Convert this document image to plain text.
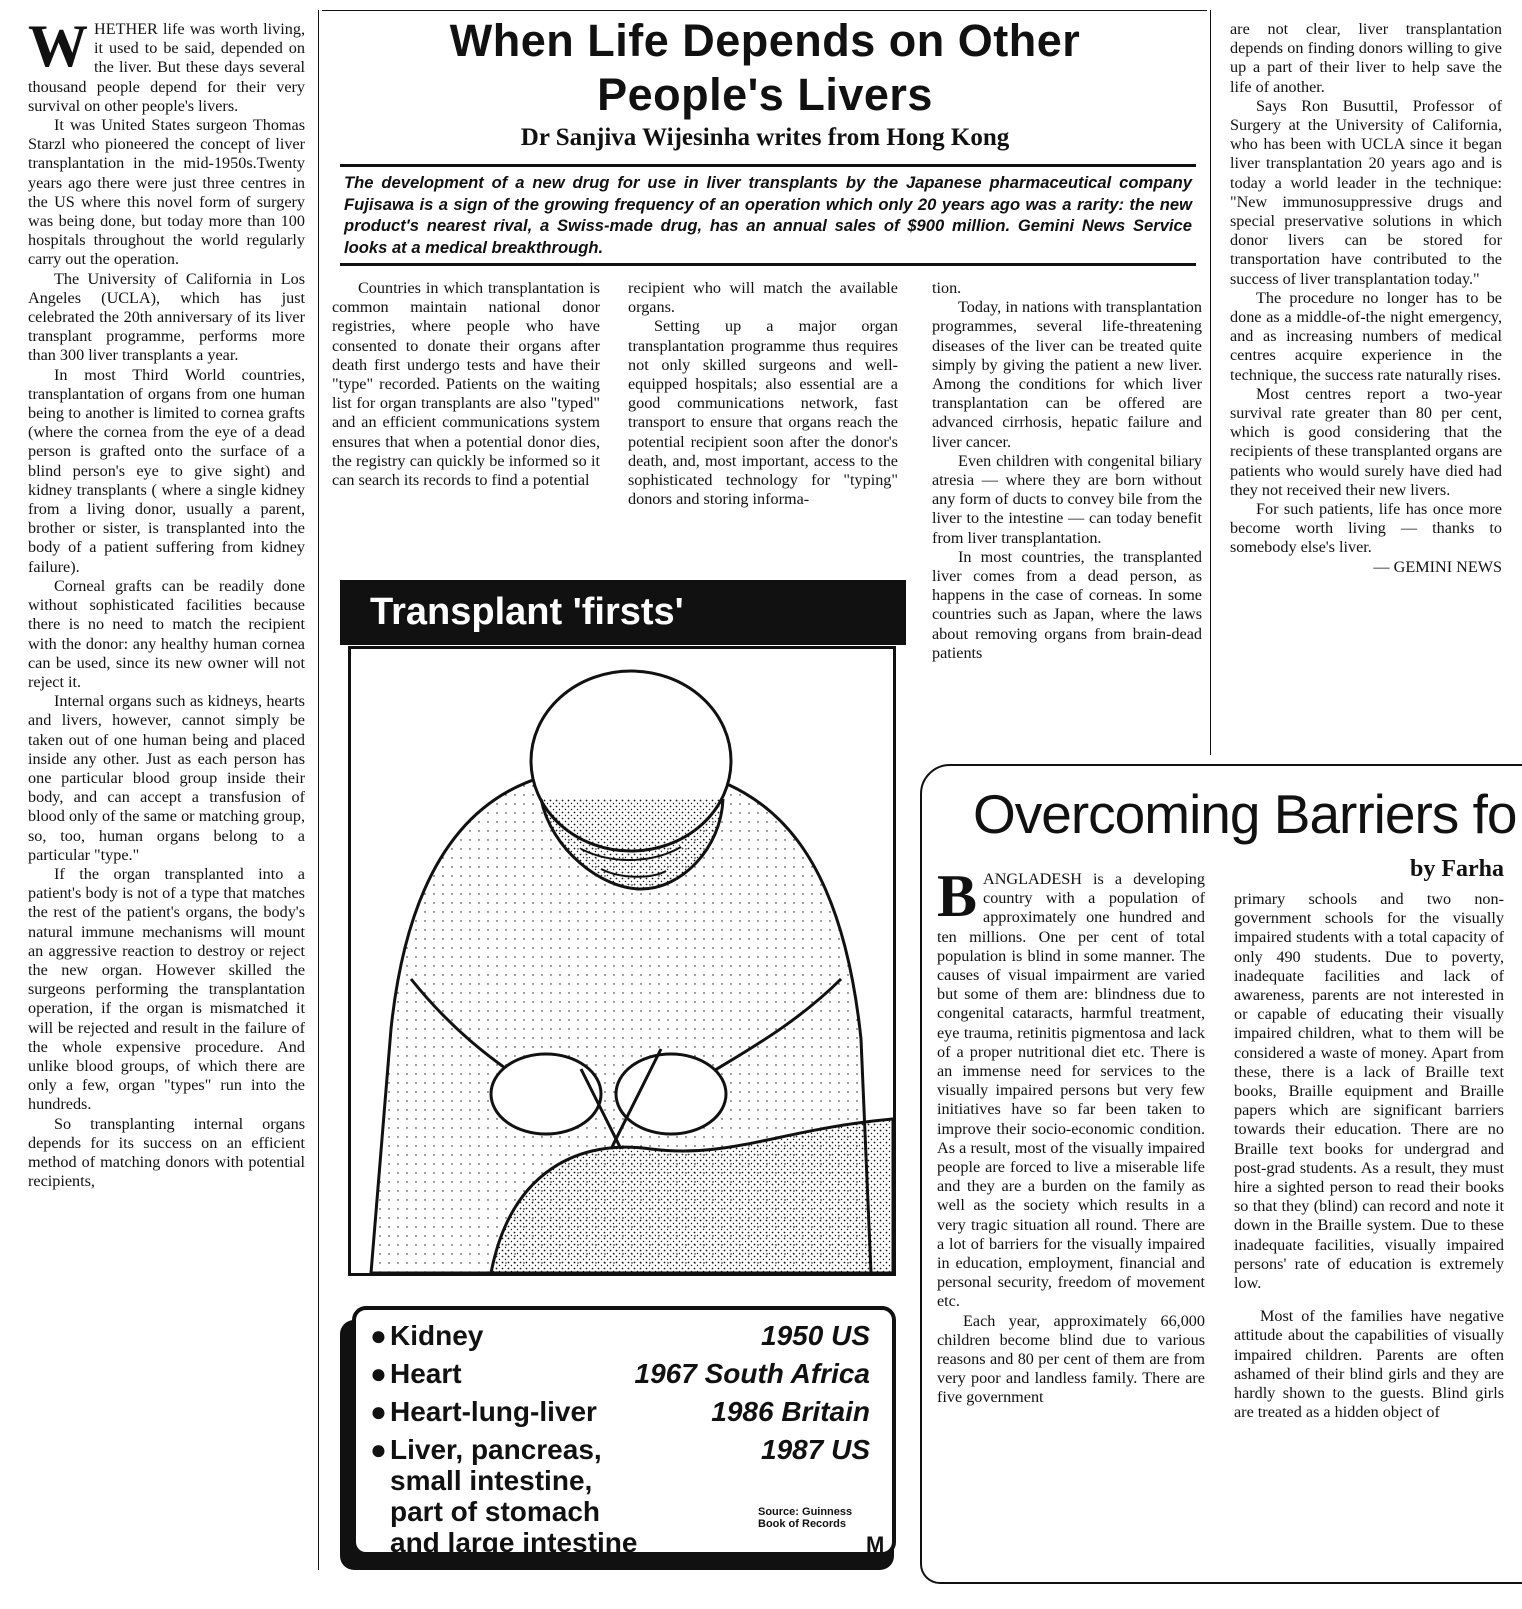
When Life Depends on Other
People's Livers
Dr Sanjiva Wijesinha writes from Hong Kong
The development of a new drug for use in liver transplants by the Japanese pharmaceutical company Fujisawa is a sign of the growing frequency of an operation which only 20 years ago was a rarity: the new product's nearest rival, a Swiss-made drug, has an annual sales of $900 million. Gemini News Service looks at a medical breakthrough.

WHETHER life was worth living, it used to be said, depended on the liver. But these days several thousand people depend for their very survival on other people's livers.

It was United States surgeon Thomas Starzl who pioneered the concept of liver transplantation in the mid-1950s.Twenty years ago there were just three centres in the US where this novel form of surgery was being done, but today more than 100 hospitals throughout the world regularly carry out the operation.

The University of California in Los Angeles (UCLA), which has just celebrated the 20th anniversary of its liver transplant programme, performs more than 300 liver transplants a year.

In most Third World countries, transplantation of organs from one human being to another is limited to cornea grafts (where the cornea from the eye of a dead person is grafted onto the surface of a blind person's eye to give sight) and kidney transplants ( where a single kidney from a living donor, usually a parent, brother or sister, is transplanted into the body of a patient suffering from kidney failure).

Corneal grafts can be readily done without sophisticated facilities because there is no need to match the recipient with the donor: any healthy human cornea can be used, since its new owner will not reject it.

Internal organs such as kidneys, hearts and livers, however, cannot simply be taken out of one human being and placed inside any other. Just as each person has one particular blood group inside their body, and can accept a transfusion of blood only of the same or matching group, so, too, human organs belong to a particular "type."

If the organ transplanted into a patient's body is not of a type that matches the rest of the patient's organs, the body's natural immune mechanisms will mount an aggressive reaction to destroy or reject the new organ. However skilled the surgeons performing the transplantation operation, if the organ is mismatched it will be rejected and result in the failure of the whole expensive procedure. And unlike blood groups, of which there are only a few, organ "types" run into the hundreds.

So transplanting internal organs depends for its success on an efficient method of matching donors with potential recipients,

Countries in which transplantation is common maintain national donor registries, where people who have consented to donate their organs after death first undergo tests and have their "type" recorded. Patients on the waiting list for organ transplants are also "typed" and an efficient communications system ensures that when a potential donor dies, the registry can quickly be informed so it can search its records to find a potential

recipient who will match the available organs.

Setting up a major organ transplantation programme thus requires not only skilled surgeons and well-equipped hospitals; also essential are a good communications network, fast transport to ensure that organs reach the potential recipient soon after the donor's death, and, most important, access to the sophisticated technology for "typing" donors and storing informa-

tion.

Today, in nations with transplantation programmes, several life-threatening diseases of the liver can be treated quite simply by giving the patient a new liver. Among the conditions for which liver transplantation can be offered are advanced cirrhosis, hepatic failure and liver cancer.

Even children with congenital biliary atresia — where they are born without any form of ducts to convey bile from the liver to the intestine — can today benefit from liver transplantation.

In most countries, the transplanted liver comes from a dead person, as happens in the case of corneas. In some countries such as Japan, where the laws about removing organs from brain-dead patients

are not clear, liver transplantation depends on finding donors willing to give up a part of their liver to help save the life of another.

Says Ron Busuttil, Professor of Surgery at the University of California, who has been with UCLA since it began liver transplantation 20 years ago and is today a world leader in the technique: "New immunosuppressive drugs and special preservative solutions in which donor livers can be stored for transportation have contributed to the success of liver transplantation today."

The procedure no longer has to be done as a middle-of-the night emergency, and as increasing numbers of medical centres acquire experience in the technique, the success rate naturally rises.

Most centres report a two-year survival rate greater than 80 per cent, which is good considering that the recipients of these transplanted organs are patients who would surely have died had they not received their new livers.

For such patients, life has once more become worth living — thanks to somebody else's liver.

— GEMINI NEWS

Transplant 'firsts'
● Kidney	1950 US
● Heart	1967 South Africa
● Heart-lung-liver	1986 Britain
● Liver, pancreas, small intestine, part of stomach and large intestine
1987 US
Source: Guinness Book of Records
M
Overcoming Barriers fo
by Farha

BANGLADESH is a developing country with a population of approximately one hundred and ten millions. One per cent of total population is blind in some manner. The causes of visual impairment are varied but some of them are: blindness due to congenital cataracts, harmful treatment, eye trauma, retinitis pigmentosa and lack of a proper nutritional diet etc. There is an immense need for services to the visually impaired persons but very few initiatives have so far been taken to improve their socio-economic condition. As a result, most of the visually impaired people are forced to live a miserable life and they are a burden on the family as well as the society which results in a very tragic situation all round. There are a lot of barriers for the visually impaired in education, employment, financial and personal security, freedom of movement etc.

Each year, approximately 66,000 children become blind due to various reasons and 80 per cent of them are from very poor and landless family. There are five government

primary schools and two non-government schools for the visually impaired students with a total capacity of only 490 students. Due to poverty, inadequate facilities and lack of awareness, parents are not interested in or capable of educating their visually impaired children, what to them will be considered a waste of money. Apart from these, there is a lack of Braille text books, Braille equipment and Braille papers which are significant barriers towards their education. There are no Braille text books for undergrad and post-grad students. As a result, they must hire a sighted person to read their books so that they (blind) can record and note it down in the Braille system. Due to these inadequate facilities, visually impaired persons' rate of education is extremely low.

Most of the families have negative attitude about the capabilities of visually impaired children. Parents are often ashamed of their blind girls and they are hardly shown to the guests. Blind girls are treated as a hidden object of
